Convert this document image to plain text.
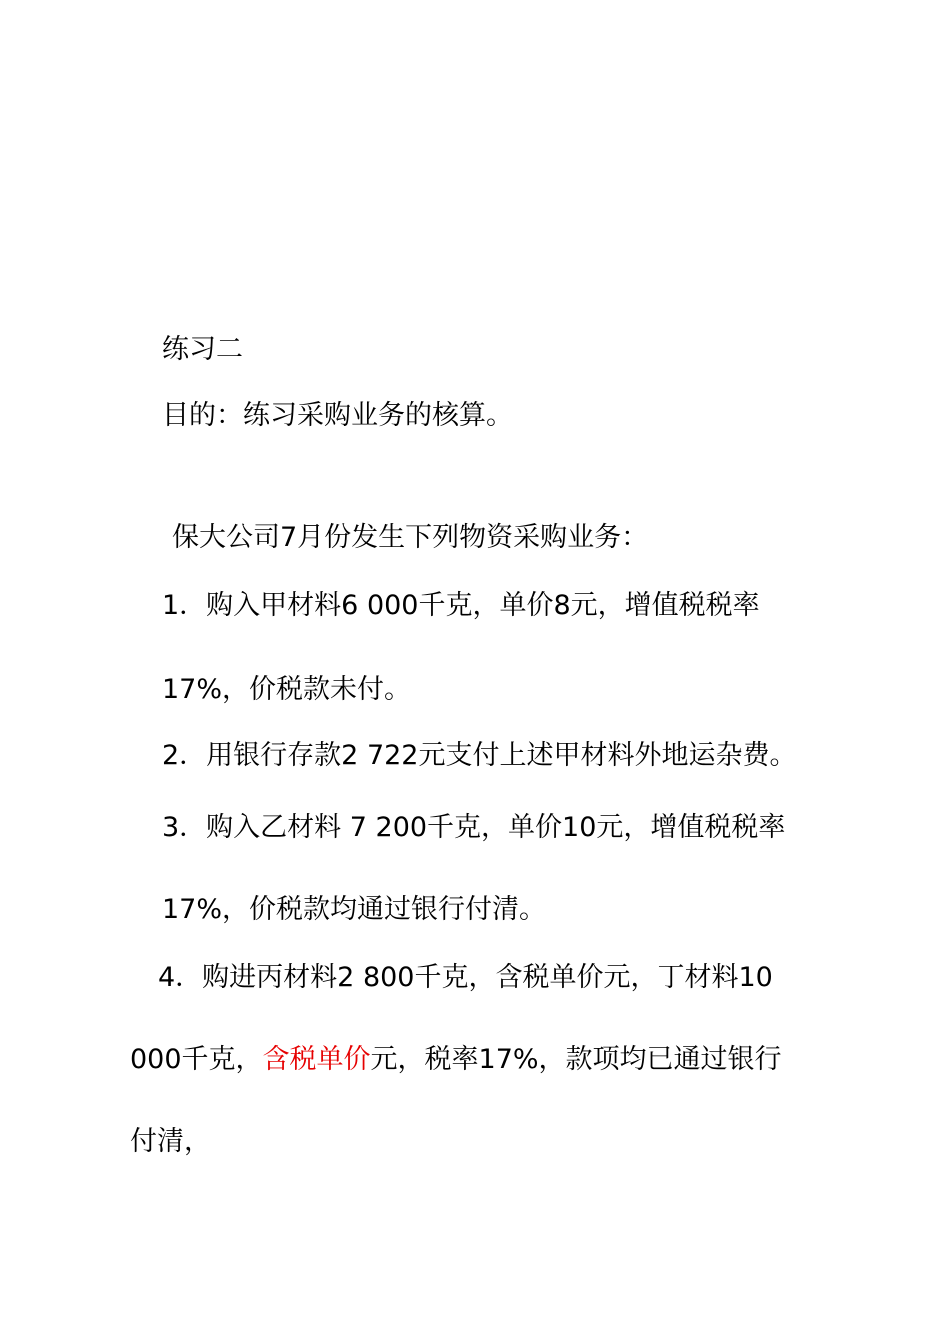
练习二
目的：练习采购业务的核算。
保大公司7月份发生下列物资采购业务：
1．购入甲材料6 000千克，单价8元，增值税税率
17%，价税款未付。
2．用银行存款2 722元支付上述甲材料外地运杂费。
3．购入乙材料 7 200千克，单价10元，增值税税率
17%，价税款均通过银行付清。
4．购进丙材料2 800千克，含税单价元，丁材料10
000千克，含税单价元，税率17%，款项均已通过银行
付清，
